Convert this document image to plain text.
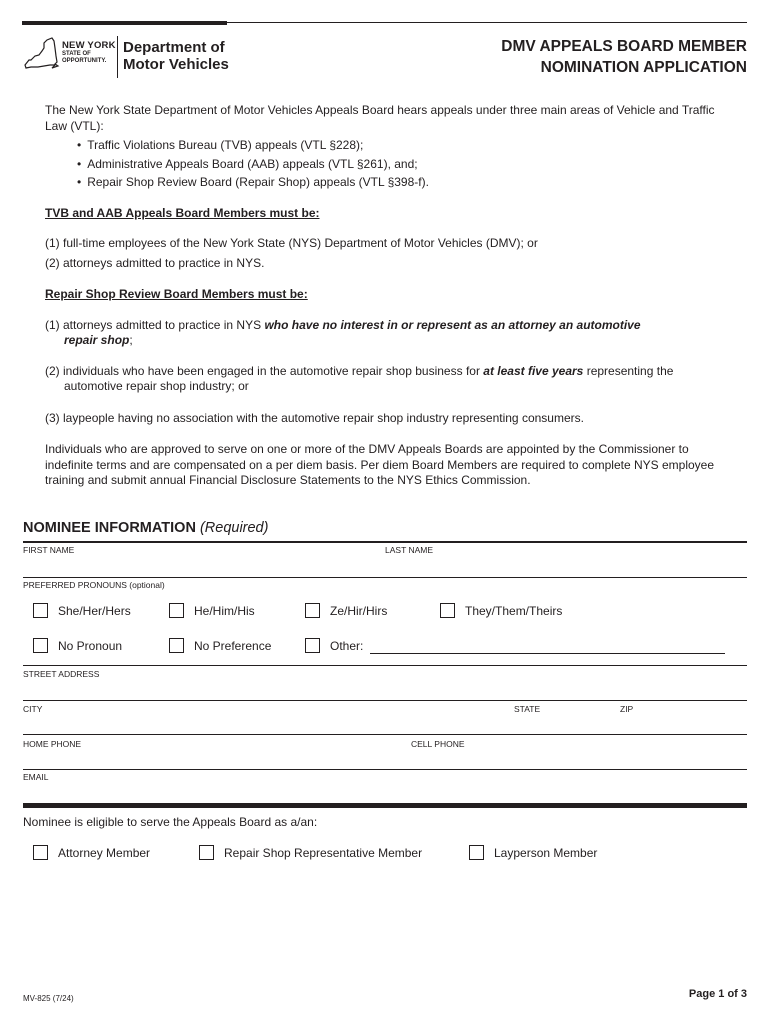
NEW YORK
STATE OF
OPPORTUNITY.
Department of
Motor Vehicles
DMV APPEALS BOARD MEMBER
NOMINATION APPLICATION
The New York State Department of Motor Vehicles Appeals Board hears appeals under three main areas of Vehicle and Traffic Law (VTL):
• Traffic Violations Bureau (TVB) appeals (VTL §228);
• Administrative Appeals Board (AAB) appeals (VTL §261), and;
• Repair Shop Review Board (Repair Shop) appeals (VTL §398-f).
TVB and AAB Appeals Board Members must be:
(1) full-time employees of the New York State (NYS) Department of Motor Vehicles (DMV); or
(2) attorneys admitted to practice in NYS.
Repair Shop Review Board Members must be:
(1) attorneys admitted to practice in NYS who have no interest in or represent as an attorney an automotive
repair shop;
(2) individuals who have been engaged in the automotive repair shop business for at least five years representing the
automotive repair shop industry; or
(3) laypeople having no association with the automotive repair shop industry representing consumers.
Individuals who are approved to serve on one or more of the DMV Appeals Boards are appointed by the Commissioner to indefinite terms and are compensated on a per diem basis. Per diem Board Members are required to complete NYS employee training and submit annual Financial Disclosure Statements to the NYS Ethics Commission.
NOMINEE INFORMATION (Required)
FIRST NAME	LAST NAME
PREFERRED PRONOUNS (optional)
She/Her/Hers	He/Him/His	Ze/Hir/Hirs	They/Them/Theirs
No Pronoun	No Preference	Other:
STREET ADDRESS
CITY	STATE	ZIP
HOME PHONE	CELL PHONE
EMAIL
Nominee is eligible to serve the Appeals Board as a/an:
Attorney Member	Repair Shop Representative Member	Layperson Member
MV-825 (7/24)	Page 1 of 3
